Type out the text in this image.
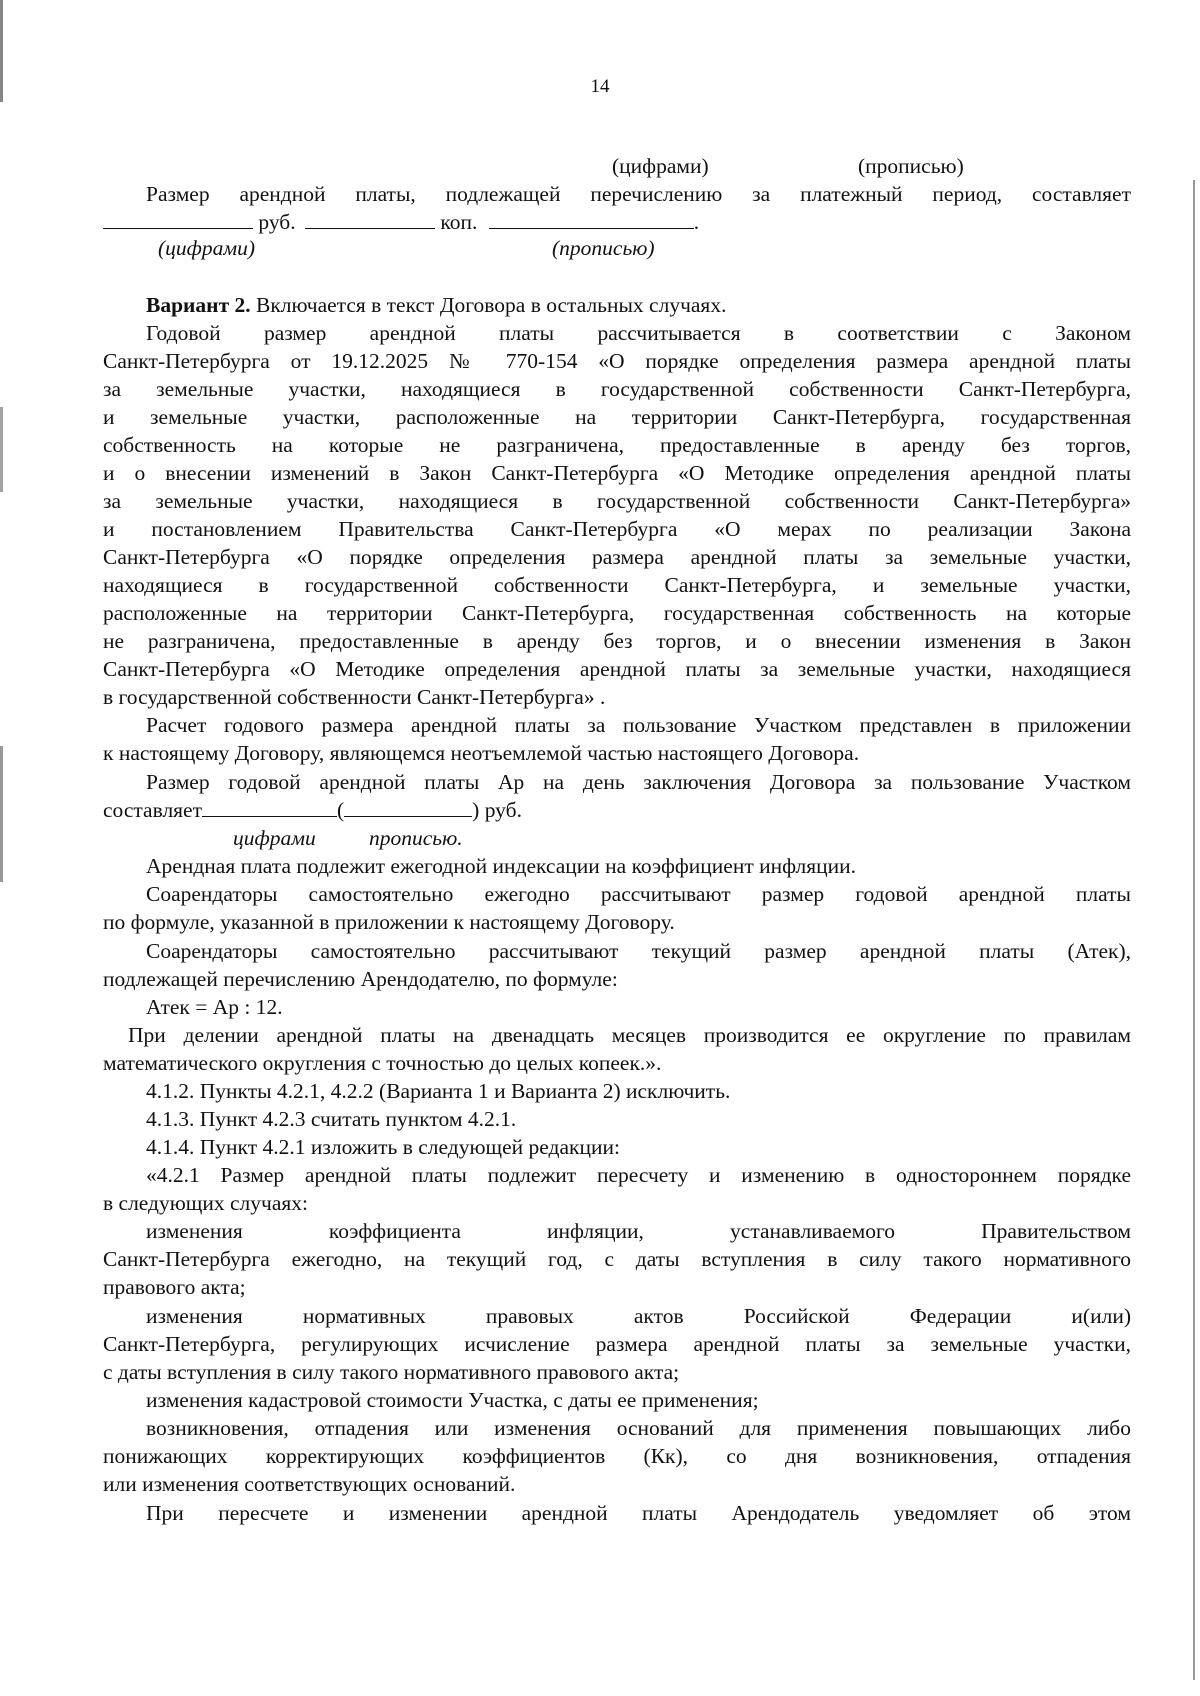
14
(цифрами)	(прописью)
Размер арендной платы, подлежащей перечислению за платежный период, составляет
руб.	коп.	.
(цифрами)	(прописью)
Вариант 2. Включается в текст Договора в остальных случаях.
Годовой размер арендной платы рассчитывается в соответствии с Законом
Санкт-Петербурга от 19.12.2025 № 770-154 «О порядке определения размера арендной платы
за земельные участки, находящиеся в государственной собственности Санкт-Петербурга,
и земельные участки, расположенные на территории Санкт-Петербурга, государственная
собственность на которые не разграничена, предоставленные в аренду без торгов,
и о внесении изменений в Закон Санкт-Петербурга «О Методике определения арендной платы
за земельные участки, находящиеся в государственной собственности Санкт-Петербурга»
и постановлением Правительства Санкт-Петербурга «О мерах по реализации Закона
Санкт-Петербурга «О порядке определения размера арендной платы за земельные участки,
находящиеся в государственной собственности Санкт-Петербурга, и земельные участки,
расположенные на территории Санкт-Петербурга, государственная собственность на которые
не разграничена, предоставленные в аренду без торгов, и о внесении изменения в Закон
Санкт-Петербурга «О Методике определения арендной платы за земельные участки, находящиеся
в государственной собственности Санкт-Петербурга» .
Расчет годового размера арендной платы за пользование Участком представлен в приложении
к настоящему Договору, являющемся неотъемлемой частью настоящего Договора.
Размер годовой арендной платы Ар на день заключения Договора за пользование Участком
составляет	(	) руб.
цифрами прописью.
Арендная плата подлежит ежегодной индексации на коэффициент инфляции.
Соарендаторы самостоятельно ежегодно рассчитывают размер годовой арендной платы
по формуле, указанной в приложении к настоящему Договору.
Соарендаторы самостоятельно рассчитывают текущий размер арендной платы (Атек),
подлежащей перечислению Арендодателю, по формуле:
Атек = Ар : 12.
При делении арендной платы на двенадцать месяцев производится ее округление по правилам
математического округления с точностью до целых копеек.».
4.1.2. Пункты 4.2.1, 4.2.2 (Варианта 1 и Варианта 2) исключить.
4.1.3. Пункт 4.2.3 считать пунктом 4.2.1.
4.1.4. Пункт 4.2.1 изложить в следующей редакции:
«4.2.1 Размер арендной платы подлежит пересчету и изменению в одностороннем порядке
в следующих случаях:
изменения коэффициента инфляции, устанавливаемого Правительством
Санкт-Петербурга ежегодно, на текущий год, с даты вступления в силу такого нормативного
правового акта;
изменения нормативных правовых актов Российской Федерации и(или)
Санкт-Петербурга, регулирующих исчисление размера арендной платы за земельные участки,
с даты вступления в силу такого нормативного правового акта;
изменения кадастровой стоимости Участка, с даты ее применения;
возникновения, отпадения или изменения оснований для применения повышающих либо
понижающих корректирующих коэффициентов (Кк), со дня возникновения, отпадения
или изменения соответствующих оснований.
При пересчете и изменении арендной платы Арендодатель уведомляет об этом
